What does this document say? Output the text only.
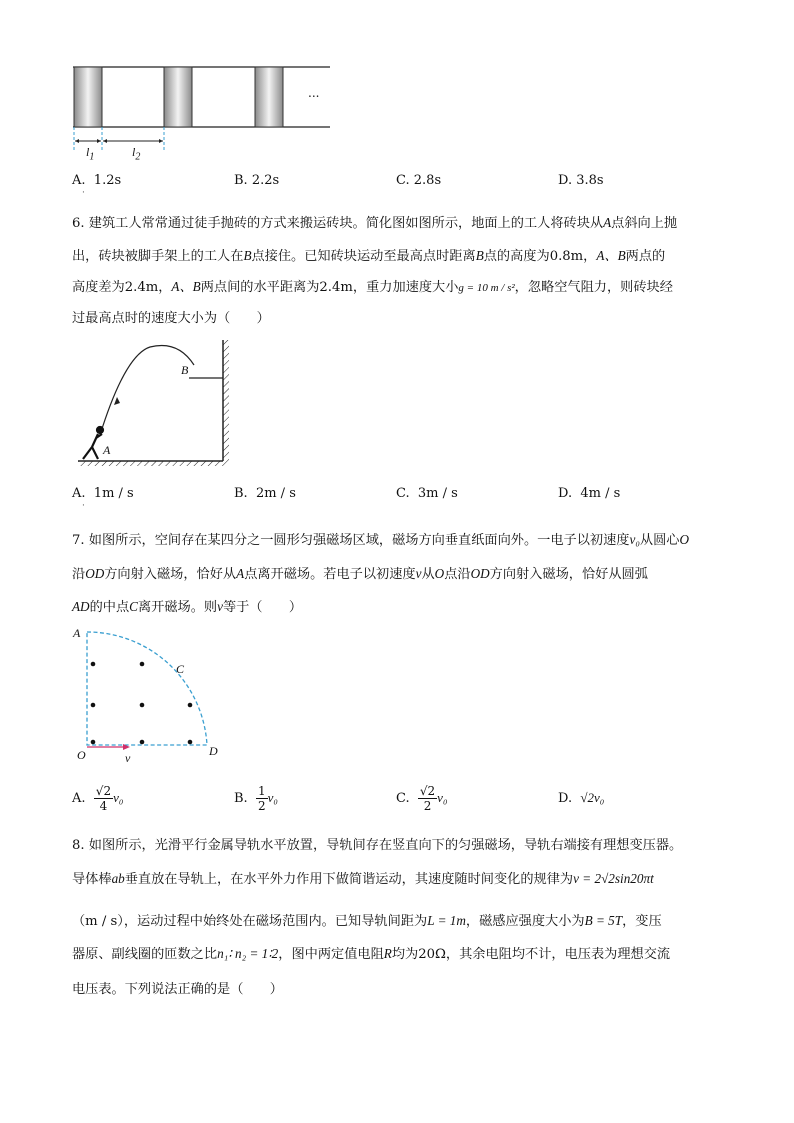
...
$l_1$	$l_2$
A. 1.2s	B. 2.2s	C. 2.8s	D. 3.8s
·
6. 建筑工人常常通过徒手抛砖的方式来搬运砖块。简化图如图所示，地面上的工人将砖块从A点斜向上抛
出，砖块被脚手架上的工人在B点接住。已知砖块运动至最高点时距离B点的高度为0.8m，A、B两点的
高度差为2.4m，A、B两点间的水平距离为2.4m，重力加速度大小g = 10 m / s²，忽略空气阻力，则砖块经
过最高点时的速度大小为（　　）
B
A
A. 1m / s	B. 2m / s	C. 3m / s	D. 4m / s
·
7. 如图所示，空间存在某四分之一圆形匀强磁场区域，磁场方向垂直纸面向外。一电子以初速度v₀从圆心O
沿OD方向射入磁场，恰好从A点离开磁场。若电子以初速度v从O点沿OD方向射入磁场，恰好从圆弧
AD的中点C离开磁场。则v等于（　　）
A
C
O	v	D
A.
$\frac{√2}{4} v_0$	B.
$\frac{1}{2} v_0$	C.
$\frac{√2}{2} v_0$	D.
√2v₀
8. 如图所示，光滑平行金属导轨水平放置，导轨间存在竖直向下的匀强磁场，导轨右端接有理想变压器。
导体棒ab垂直放在导轨上，在水平外力作用下做简谐运动，其速度随时间变化的规律为v = 2√2sin20πt
（m / s），运动过程中始终处在磁场范围内。已知导轨间距为L = 1m，磁感应强度大小为B = 5T，变压
器原、副线圈的匝数之比n₁∶ n₂ = 1∶2，图中两定值电阻R均为20Ω，其余电阻均不计，电压表为理想交流
电压表。下列说法正确的是（　　）
